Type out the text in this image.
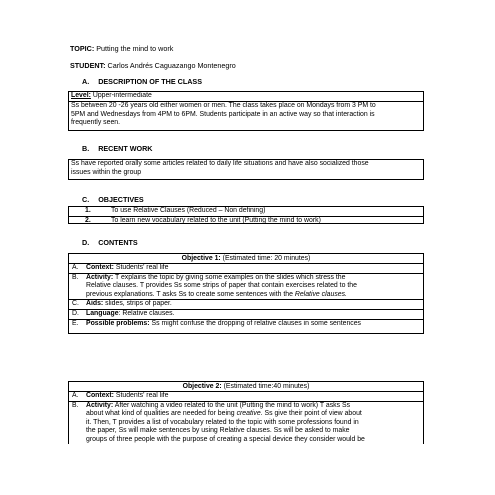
TOPIC: Putting the mind to work
STUDENT: Carlos Andrés Caguazango Montenegro
A. DESCRIPTION OF THE CLASS
Level: Upper-intermediate
Ss between 20 -26 years old either women or men. The class takes place on Mondays from 3 PM to
5PM and Wednesdays from 4PM to 6PM. Students participate in an active way so that interaction is
frequently seen.
B. RECENT WORK
Ss have reported orally some articles related to daily life situations and have also socialized those
issues within the group
C. OBJECTIVES
1.	To use Relative Clauses (Reduced – Non defining)
2.	To learn new vocabulary related to the unit (Putting the mind to work)
D. CONTENTS
Objective 1: (Estimated time: 20 minutes)
A.	Context: Students' real life
B.	Activity: T explains the topic by giving some examples on the slides which stress the
Relative clauses. T provides Ss some strips of paper that contain exercises related to the
previous explanations. T asks Ss to create some sentences with the Relative clauses.
C.	Aids: slides, strips of paper.
D.	Language: Relative clauses.
E.	Possible problems: Ss might confuse the dropping of relative clauses in some sentences
Objective 2: (Estimated time:40 minutes)
A.	Context: Students' real life
B.	Activity: After watching a video related to the unit (Putting the mind to work) T asks Ss
about what kind of qualities are needed for being creative. Ss give their point of view about
it. Then, T provides a list of vocabulary related to the topic with some professions found in
the paper, Ss will make sentences by using Relative clauses. Ss will be asked to make
groups of three people with the purpose of creating a special device they consider would be
